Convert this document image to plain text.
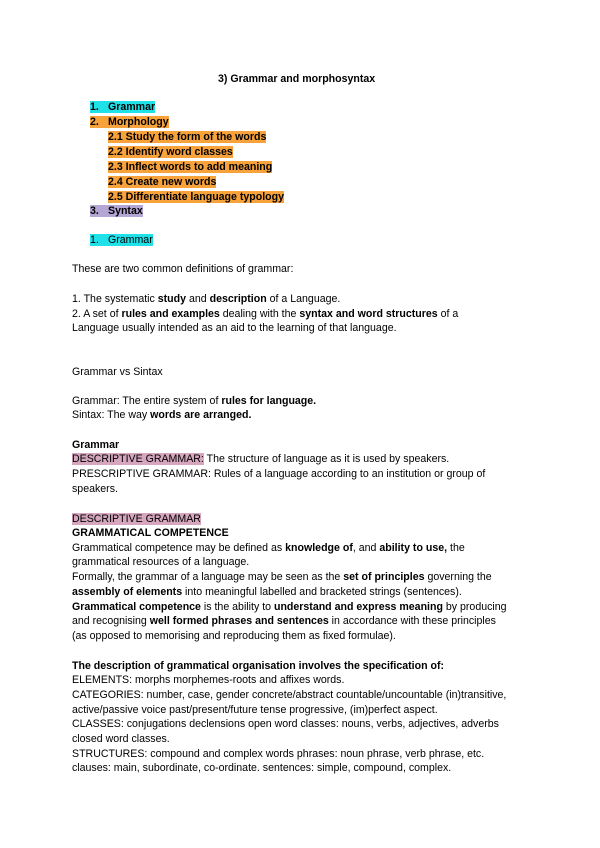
3) Grammar and morphosyntax
1. Grammar
2. Morphology
2.1 Study the form of the words
2.2 Identify word classes
2.3 Inflect words to add meaning
2.4 Create new words
2.5 Differentiate language typology
3. Syntax
1. Grammar
These are two common definitions of grammar:
1. The systematic study and description of a Language.
2. A set of rules and examples dealing with the syntax and word structures of a
Language usually intended as an aid to the learning of that language.
Grammar vs Sintax
Grammar: The entire system of rules for language.
Sintax: The way words are arranged.
Grammar
DESCRIPTIVE GRAMMAR: The structure of language as it is used by speakers.
PRESCRIPTIVE GRAMMAR: Rules of a language according to an institution or group of
speakers.
DESCRIPTIVE GRAMMAR
GRAMMATICAL COMPETENCE
Grammatical competence may be defined as knowledge of, and ability to use, the
grammatical resources of a language.
Formally, the grammar of a language may be seen as the set of principles governing the
assembly of elements into meaningful labelled and bracketed strings (sentences).
Grammatical competence is the ability to understand and express meaning by producing
and recognising well formed phrases and sentences in accordance with these principles
(as opposed to memorising and reproducing them as fixed formulae).
The description of grammatical organisation involves the specification of:
ELEMENTS: morphs morphemes-roots and affixes words.
CATEGORIES: number, case, gender concrete/abstract countable/uncountable (in)transitive,
active/passive voice past/present/future tense progressive, (im)perfect aspect.
CLASSES: conjugations declensions open word classes: nouns, verbs, adjectives, adverbs
closed word classes.
STRUCTURES: compound and complex words phrases: noun phrase, verb phrase, etc.
clauses: main, subordinate, co-ordinate. sentences: simple, compound, complex.
